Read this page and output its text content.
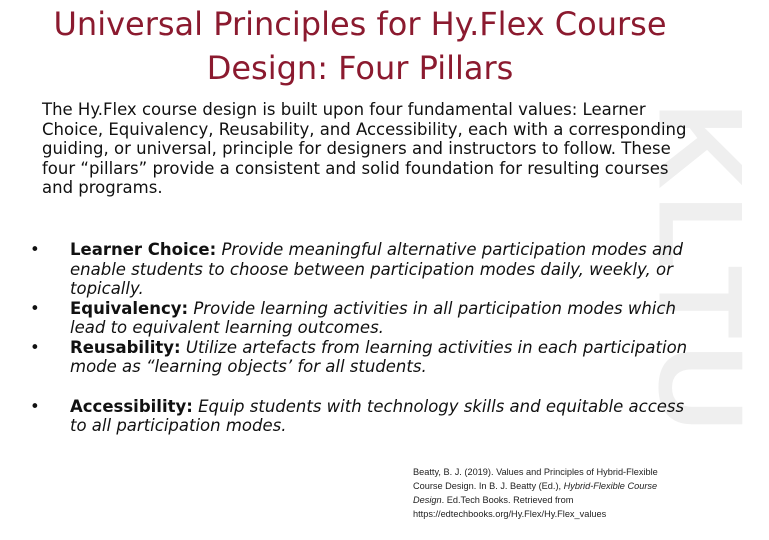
KLTU
Universal Principles for Hy.Flex Course
Design: Four Pillars
The Hy.Flex course design is built upon four fundamental values: Learner Choice, Equivalency, Reusability, and Accessibility, each with a corresponding guiding, or universal, principle for designers and instructors to follow. These four “pillars” provide a consistent and solid foundation for resulting courses and programs.
• Learner Choice: Provide meaningful alternative participation modes and enable students to choose between participation modes daily, weekly, or topically.
• Equivalency: Provide learning activities in all participation modes which lead to equivalent learning outcomes.
• Reusability: Utilize artefacts from learning activities in each participation mode as “learning objects’ for all students.
• Accessibility: Equip students with technology skills and equitable access to all participation modes.
Beatty, B. J. (2019). Values and Principles of Hybrid-Flexible Course Design. In B. J. Beatty (Ed.), Hybrid-Flexible Course Design. Ed.Tech Books. Retrieved from https://edtechbooks.org/Hy.Flex/Hy.Flex_values
